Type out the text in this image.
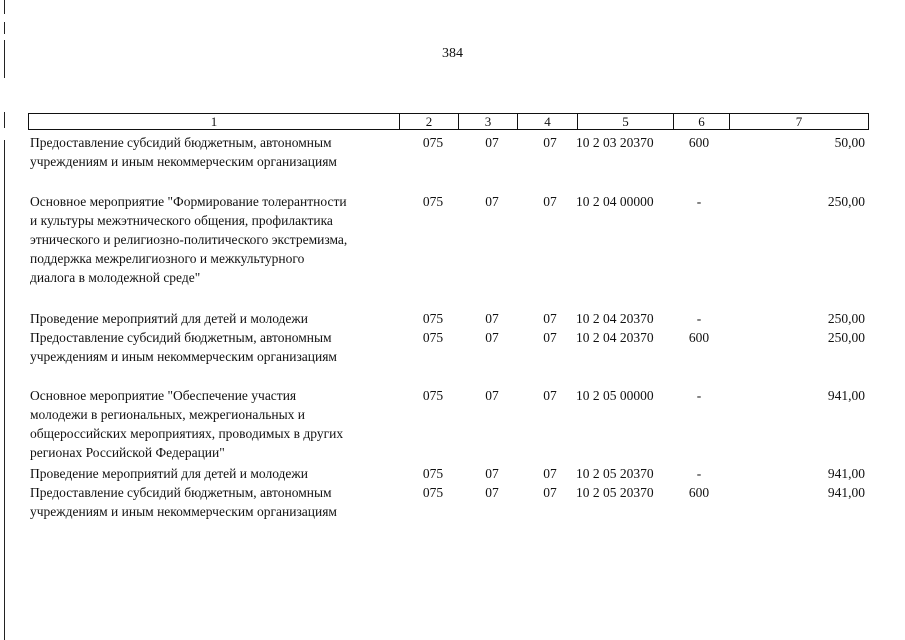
384
1	2	3	4	5	6	7
Предоставление субсидий бюджетным, автономным
учреждениям и иным некоммерческим организациям
075	07	07	10 2 03 20370	600	50,00
Основное мероприятие "Формирование толерантности
и культуры межэтнического общения, профилактика
этнического и религиозно-политического экстремизма,
поддержка межрелигиозного и межкультурного
диалога в молодежной среде"
075	07	07	10 2 04 00000	-	250,00
Проведение мероприятий для детей и молодежи	075	07	07	10 2 04 20370	-	250,00
Предоставление субсидий бюджетным, автономным
учреждениям и иным некоммерческим организациям
075	07	07	10 2 04 20370	600	250,00
Основное мероприятие "Обеспечение участия
молодежи в региональных, межрегиональных и
общероссийских мероприятиях, проводимых в других
регионах Российской Федерации"
075	07	07	10 2 05 00000	-	941,00
Проведение мероприятий для детей и молодежи	075	07	07	10 2 05 20370	-	941,00
Предоставление субсидий бюджетным, автономным
учреждениям и иным некоммерческим организациям
075	07	07	10 2 05 20370	600	941,00
